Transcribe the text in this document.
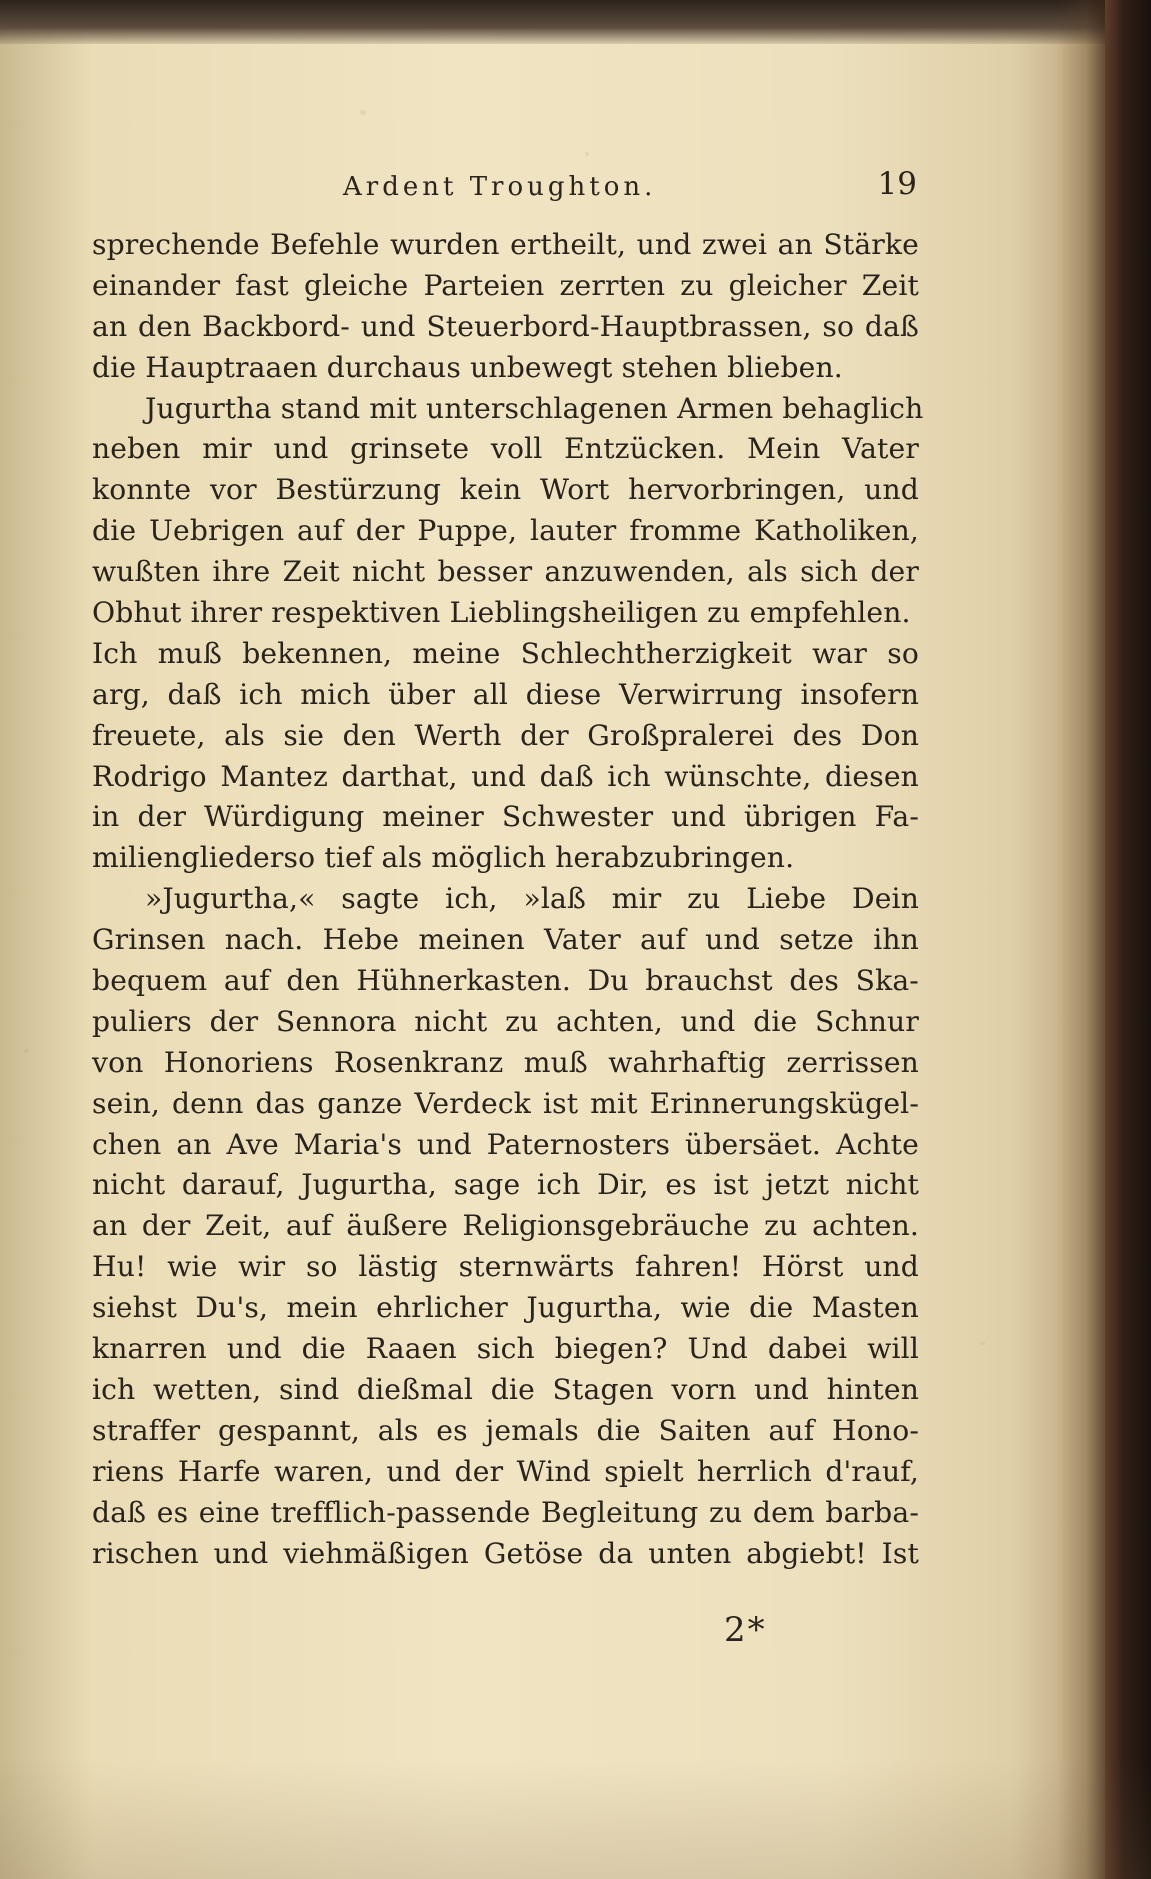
Ardent Troughton.	19
sprechende Befehle wurden ertheilt, und zwei an Stärke
einander fast gleiche Parteien zerrten zu gleicher Zeit
an den Backbord- und Steuerbord-Hauptbrassen, so daß
die Hauptraaen durchaus unbewegt stehen blieben.
Jugurtha stand mit unterschlagenen Armen behaglich
neben mir und grinsete voll Entzücken. Mein Vater
konnte vor Bestürzung kein Wort hervorbringen, und
die Uebrigen auf der Puppe, lauter fromme Katholiken,
wußten ihre Zeit nicht besser anzuwenden, als sich der
Obhut ihrer respektiven Lieblingsheiligen zu empfehlen.
Ich muß bekennen, meine Schlechtherzigkeit war so
arg, daß ich mich über all diese Verwirrung insofern
freuete, als sie den Werth der Großpralerei des Don
Rodrigo Mantez darthat, und daß ich wünschte, diesen
in der Würdigung meiner Schwester und übrigen Fa-
miliengliederso tief als möglich herabzubringen.
»Jugurtha,« sagte ich, »laß mir zu Liebe Dein
Grinsen nach. Hebe meinen Vater auf und setze ihn
bequem auf den Hühnerkasten. Du brauchst des Ska-
puliers der Sennora nicht zu achten, und die Schnur
von Honoriens Rosenkranz muß wahrhaftig zerrissen
sein, denn das ganze Verdeck ist mit Erinnerungskügel-
chen an Ave Maria's und Paternosters übersäet. Achte
nicht darauf, Jugurtha, sage ich Dir, es ist jetzt nicht
an der Zeit, auf äußere Religionsgebräuche zu achten.
Hu! wie wir so lästig sternwärts fahren! Hörst und
siehst Du's, mein ehrlicher Jugurtha, wie die Masten
knarren und die Raaen sich biegen? Und dabei will
ich wetten, sind dießmal die Stagen vorn und hinten
straffer gespannt, als es jemals die Saiten auf Hono-
riens Harfe waren, und der Wind spielt herrlich d'rauf,
daß es eine trefflich-passende Begleitung zu dem barba-
rischen und viehmäßigen Getöse da unten abgiebt! Ist
2*
